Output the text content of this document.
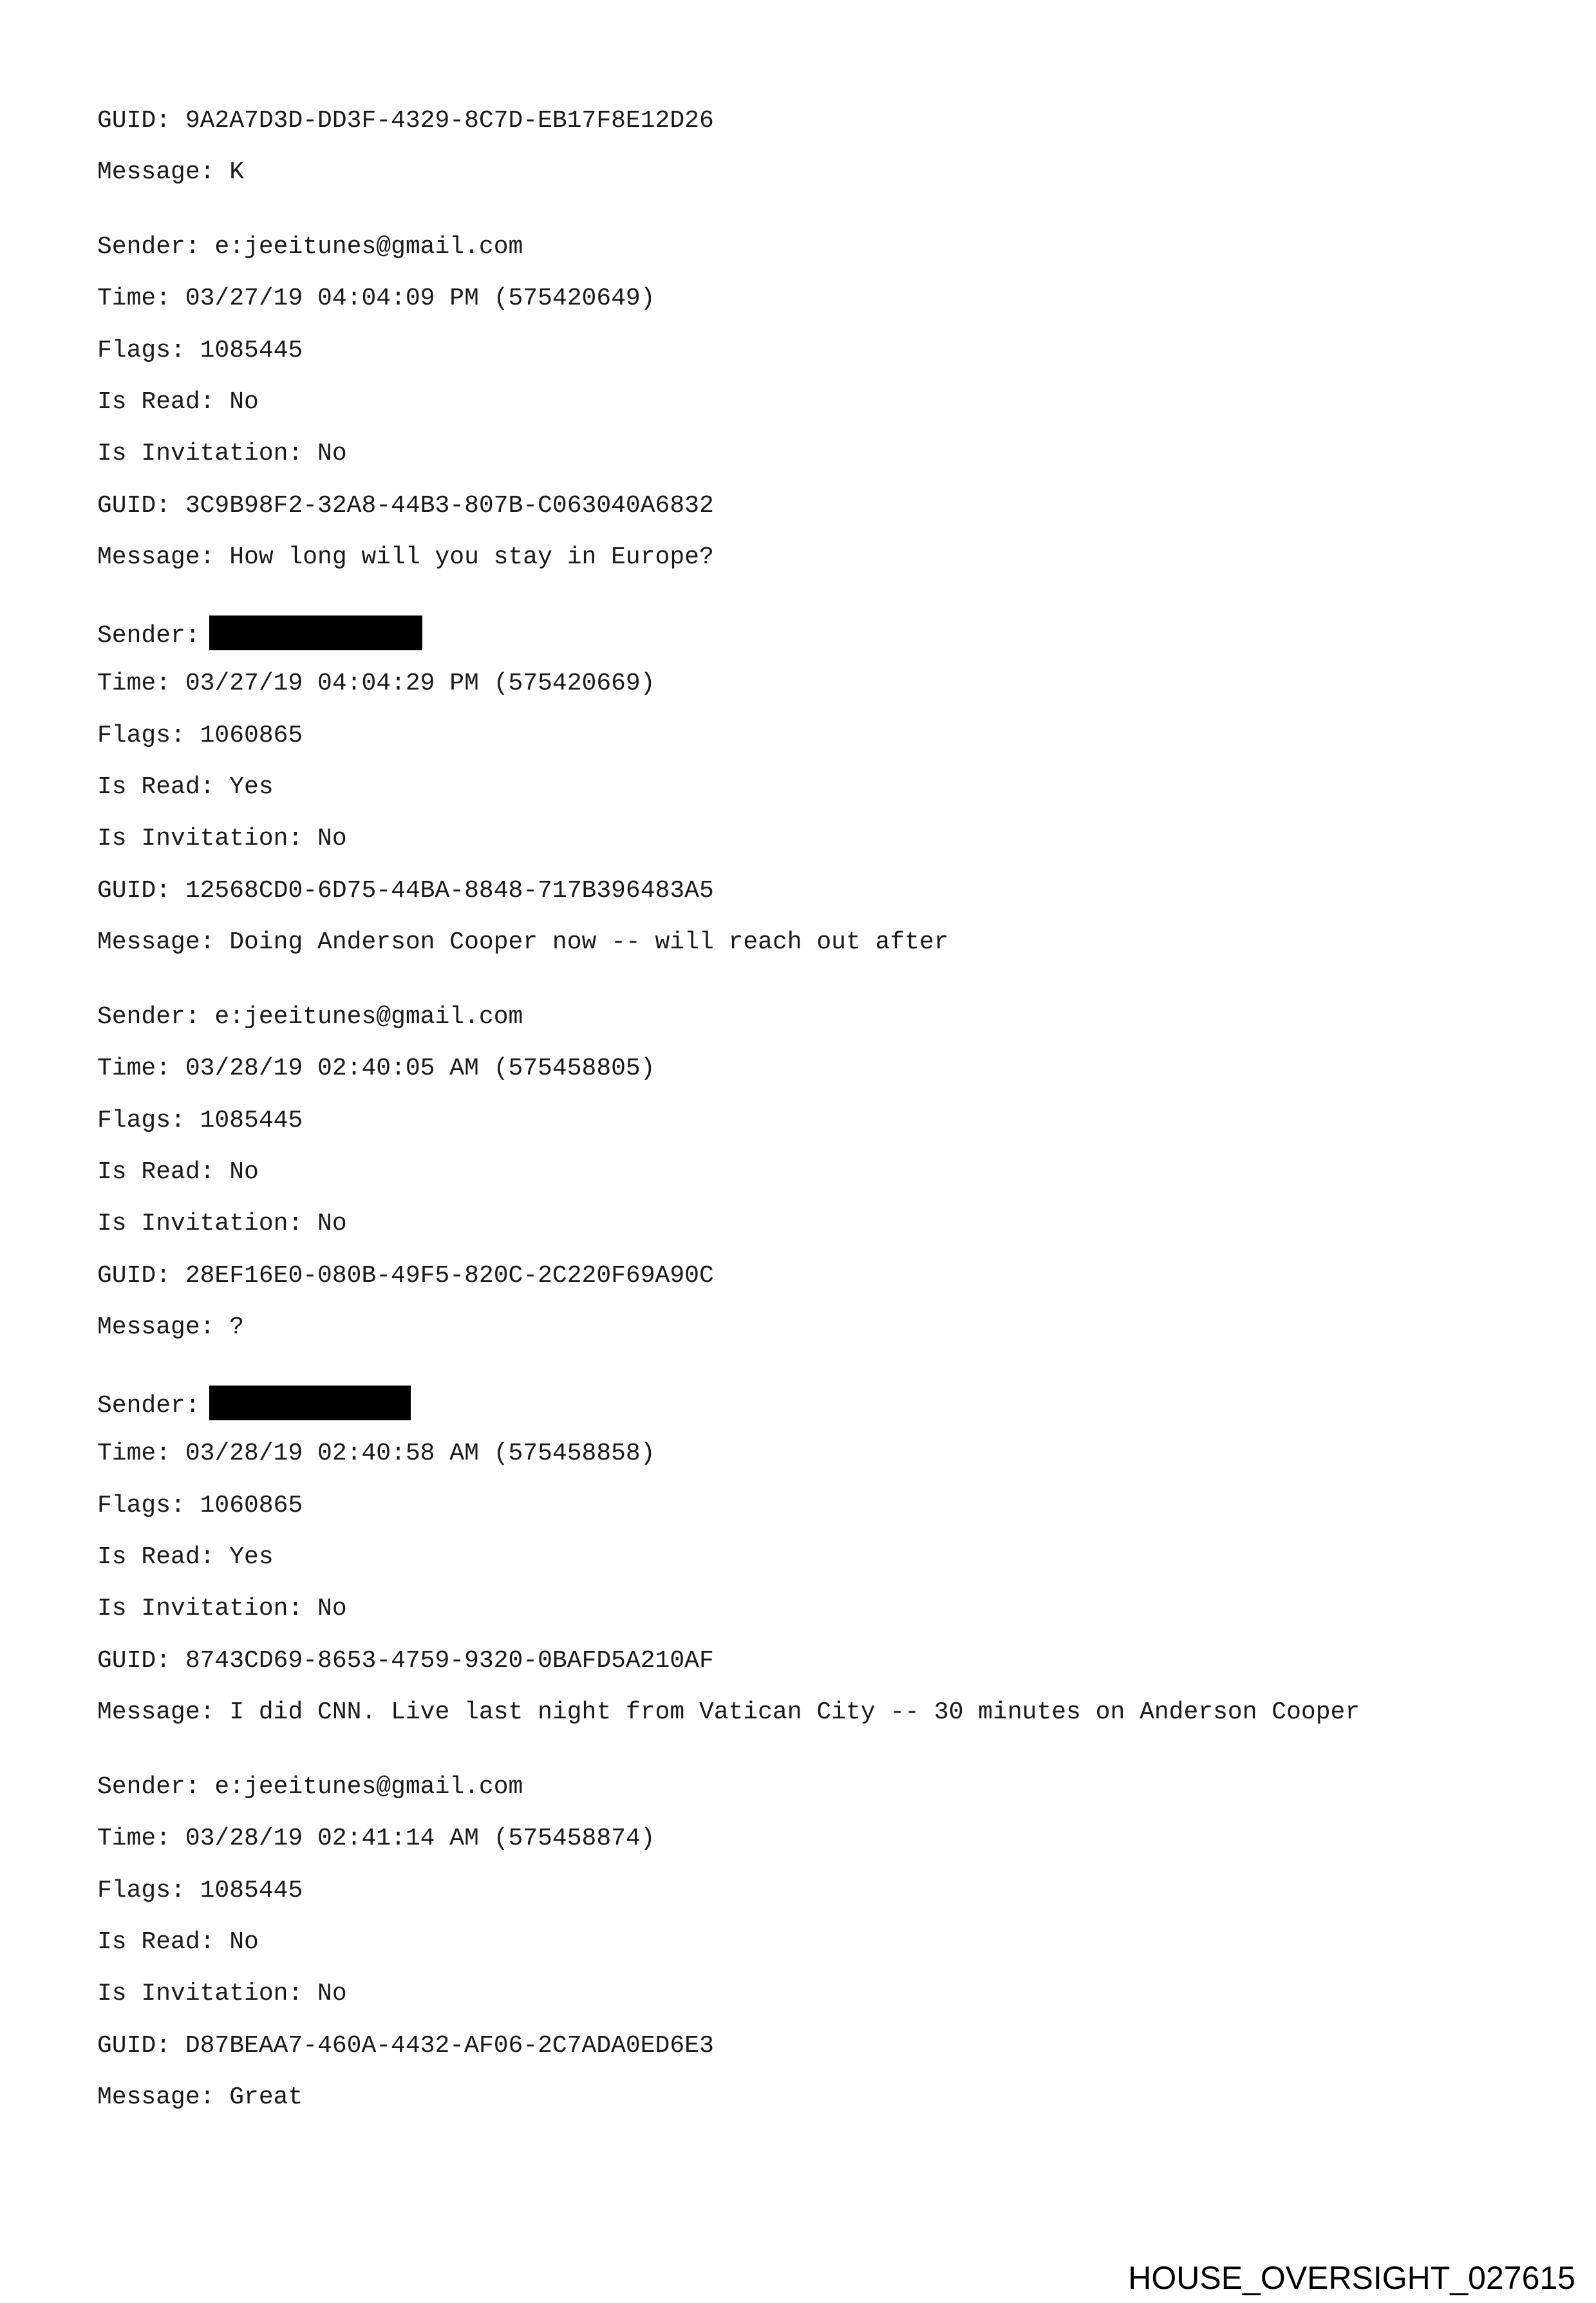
GUID: 9A2A7D3D-DD3F-4329-8C7D-EB17F8E12D26
Message: K
Sender: e:jeeitunes@gmail.com
Time: 03/27/19 04:04:09 PM (575420649)
Flags: 1085445
Is Read: No
Is Invitation: No
GUID: 3C9B98F2-32A8-44B3-807B-C063040A6832
Message: How long will you stay in Europe?
Sender:
Time: 03/27/19 04:04:29 PM (575420669)
Flags: 1060865
Is Read: Yes
Is Invitation: No
GUID: 12568CD0-6D75-44BA-8848-717B396483A5
Message: Doing Anderson Cooper now -- will reach out after
Sender: e:jeeitunes@gmail.com
Time: 03/28/19 02:40:05 AM (575458805)
Flags: 1085445
Is Read: No
Is Invitation: No
GUID: 28EF16E0-080B-49F5-820C-2C220F69A90C
Message: ?
Sender:
Time: 03/28/19 02:40:58 AM (575458858)
Flags: 1060865
Is Read: Yes
Is Invitation: No
GUID: 8743CD69-8653-4759-9320-0BAFD5A210AF
Message: I did CNN. Live last night from Vatican City -- 30 minutes on Anderson Cooper
Sender: e:jeeitunes@gmail.com
Time: 03/28/19 02:41:14 AM (575458874)
Flags: 1085445
Is Read: No
Is Invitation: No
GUID: D87BEAA7-460A-4432-AF06-2C7ADA0ED6E3
Message: Great
HOUSE_OVERSIGHT_027615
